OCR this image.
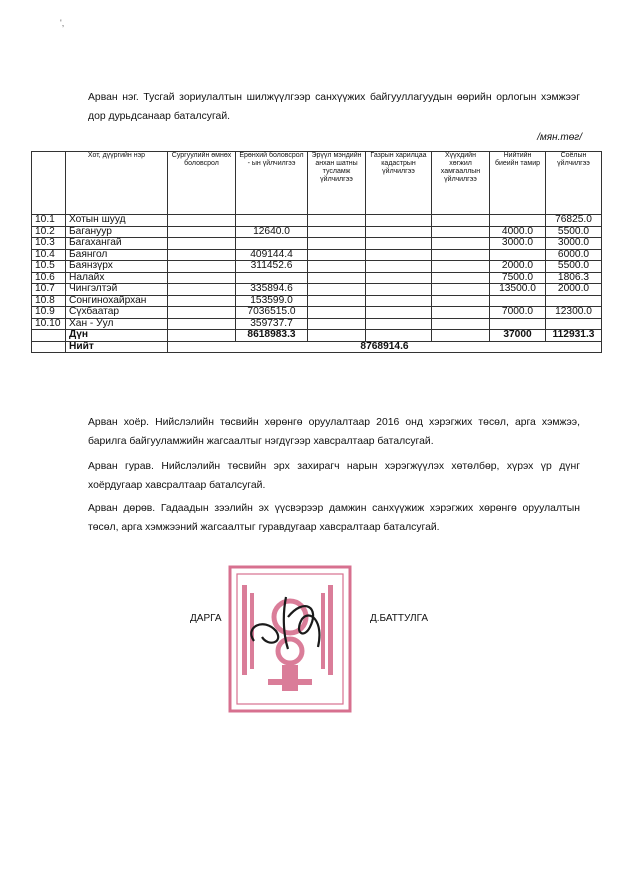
',
Арван нэг. Тусгай зориулалтын шилжүүлгээр санхүүжих байгууллагуудын өөрийн орлогын хэмжээг дор дурьдсанаар баталсугай.
/мян.төг/
	Хот, дүүргийн нэр	Сургуулийн өмнөх боловсрол	Ерөнхий боловсрол - ын үйлчилгээ	Эрүүл мэндийн анхан шатны тусламж үйлчилгээ	Газрын харилцаа кадастрын үйлчилгээ	Хүүхдийн хөгжил хамгааллын үйлчилгээ	Нийтийн биеийн тамир	Соёлын үйлчилгээ
10.1	Хотын шууд							76825.0
10.2	Багануур		12640.0				4000.0	5500.0
10.3	Багахангай						3000.0	3000.0
10.4	Баянгол		409144.4					6000.0
10.5	Баянзүрх		311452.6				2000.0	5500.0
10.6	Налайх						7500.0	1806.3
10.7	Чингэлтэй		335894.6				13500.0	2000.0
10.8	Сонгинохайрхан		153599.0					
10.9	Сүхбаатар		7036515.0				7000.0	12300.0
10.10	Хан - Уул		359737.7					
	Дүн		8618983.3				37000	112931.3
	Нийт	8768914.6						
Арван хоёр. Нийслэлийн төсвийн хөрөнгө оруулалтаар 2016 онд хэрэгжих төсөл, арга хэмжээ, барилга байгууламжийн жагсаалтыг нэгдүгээр хавсралтаар баталсугай.
Арван гурав. Нийслэлийн төсвийн эрх захирагч нарын хэрэгжүүлэх хөтөлбөр, хүрэх үр дүнг хоёрдугаар хавсралтаар баталсугай.
Арван дөрөв. Гадаадын зээлийн эх үүсвэрээр дамжин санхүүжиж хэрэгжих хөрөнгө оруулалтын төсөл, арга хэмжээний жагсаалтыг гуравдугаар хавсралтаар баталсугай.
ДАРГА	Д.БАТТУЛГА
